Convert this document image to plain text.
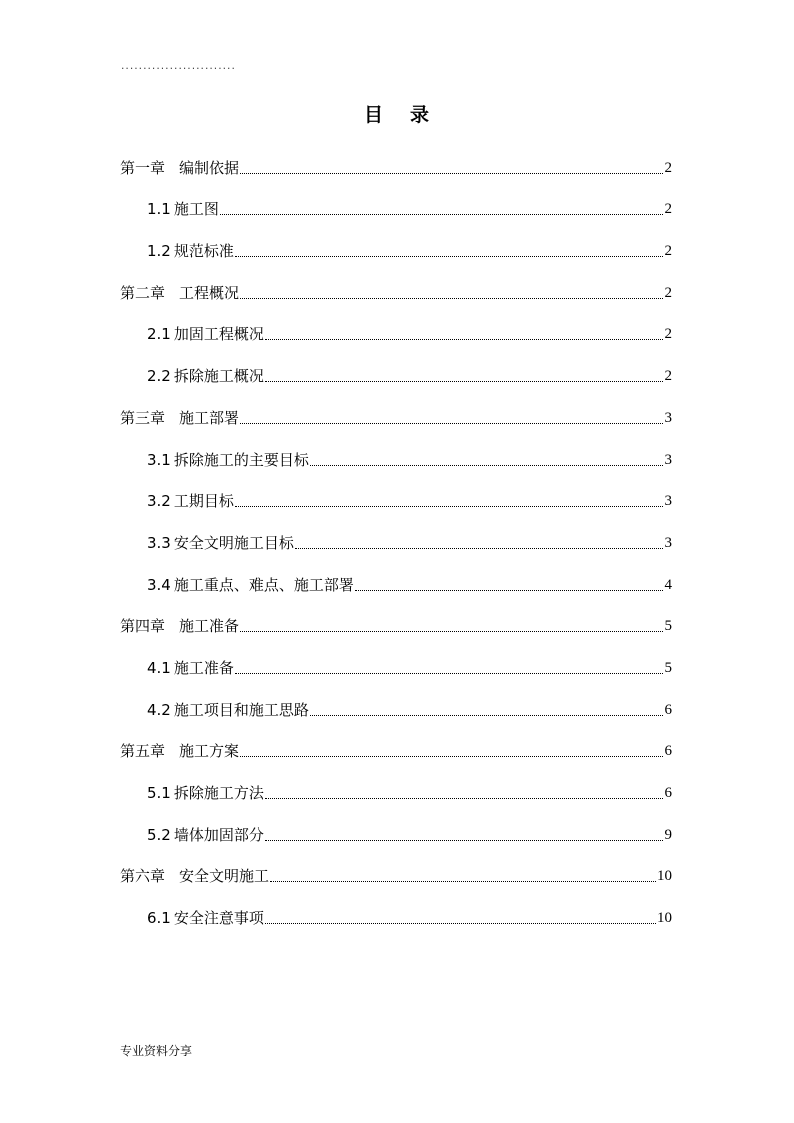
..........................
目 录
第一章 编制依据	2
1.1 施工图	2
1.2 规范标准	2
第二章 工程概况	2
2.1 加固工程概况	2
2.2 拆除施工概况	2
第三章 施工部署	3
3.1 拆除施工的主要目标	3
3.2 工期目标	3
3.3 安全文明施工目标	3
3.4 施工重点、难点、施工部署	4
第四章 施工准备	5
4.1 施工准备	5
4.2 施工项目和施工思路	6
第五章 施工方案	6
5.1 拆除施工方法	6
5.2 墙体加固部分	9
第六章 安全文明施工	10
6.1 安全注意事项	10
专业资料分享
